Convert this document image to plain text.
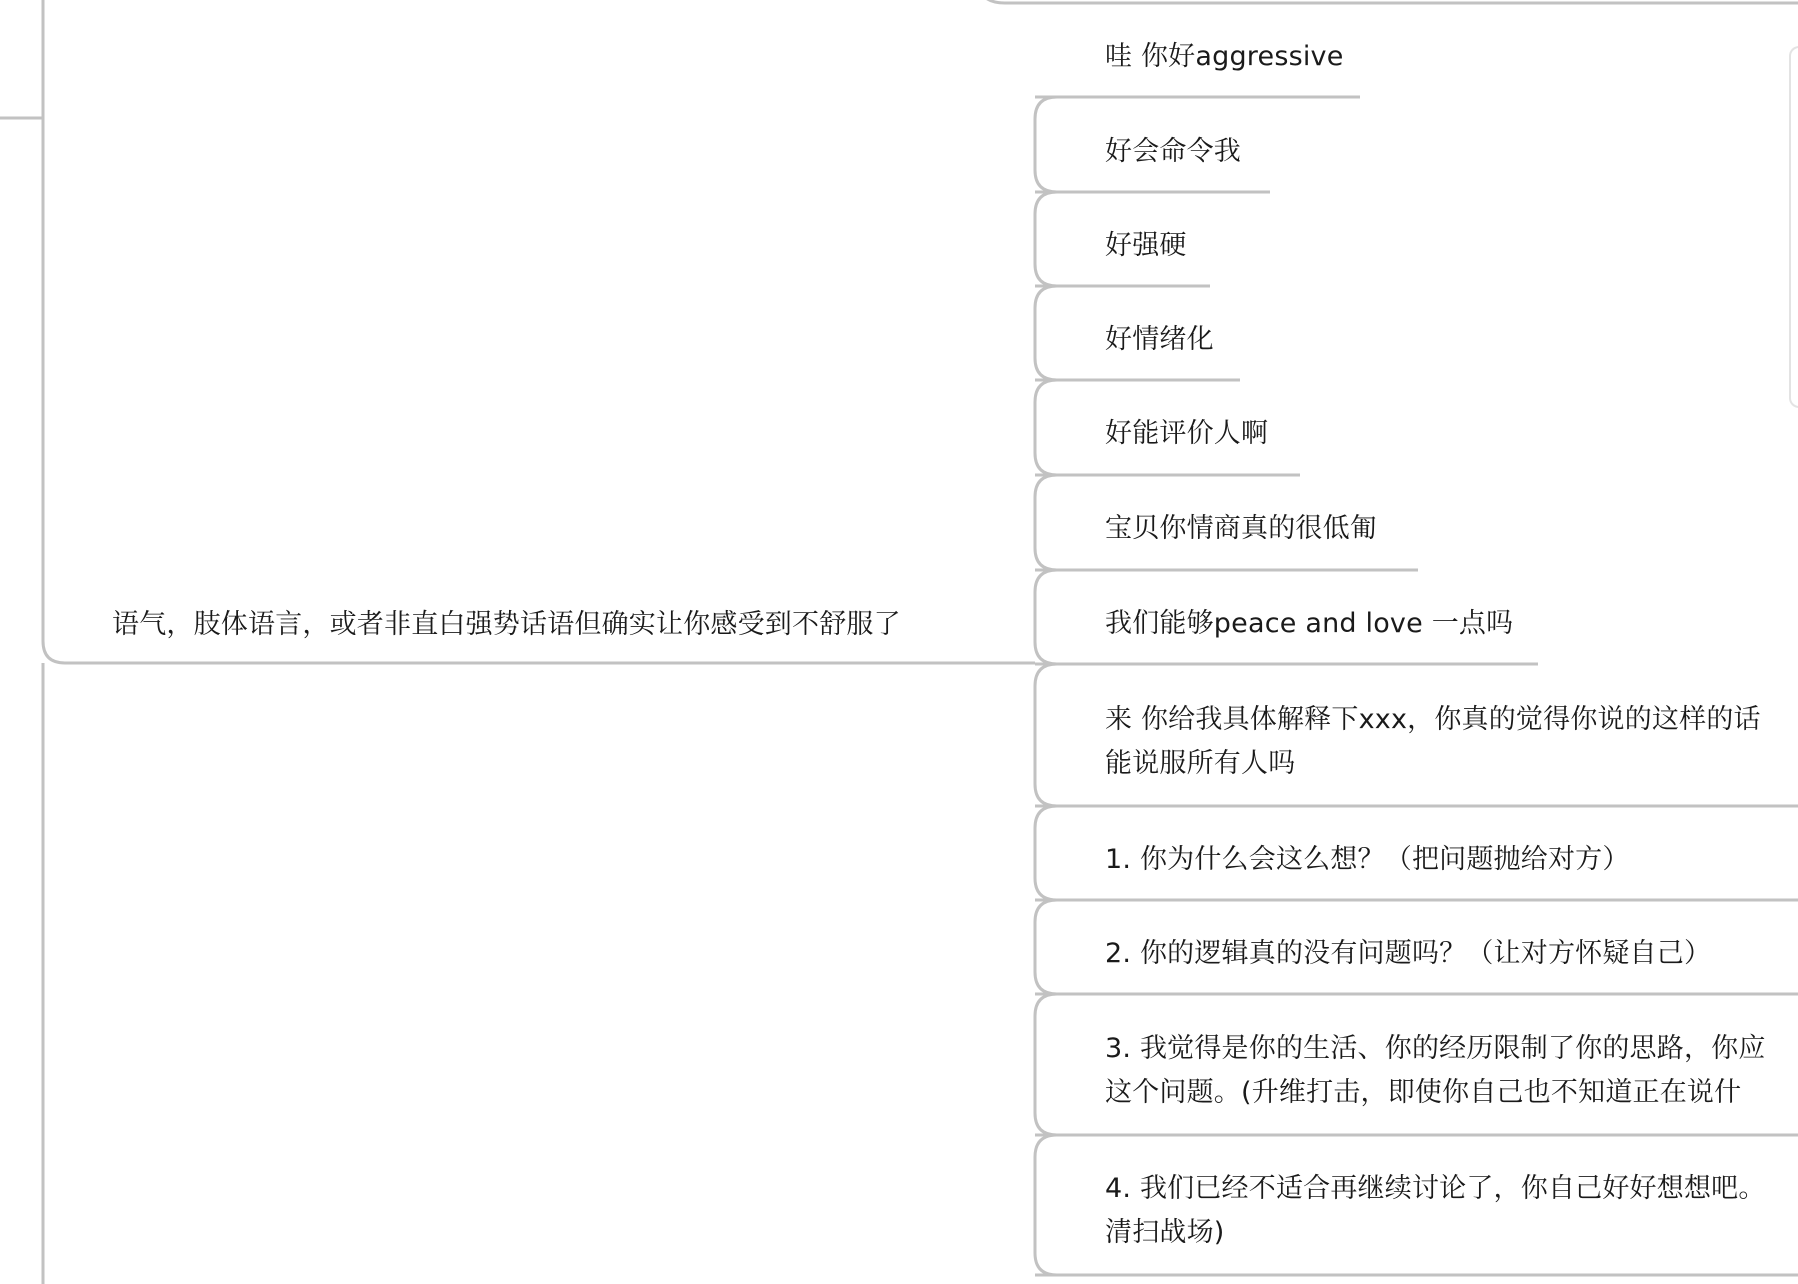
语气，肢体语言，或者非直白强势话语但确实让你感受到不舒服了

哇 你好aggressive

好会命令我

好强硬

好情绪化

好能评价人啊

宝贝你情商真的很低匍

我们能够peace and love 一点吗

来 你给我具体解释下xxx，你真的觉得你说的这样的话
能说服所有人吗

1. 你为什么会这么想？（把问题抛给对方）

2. 你的逻辑真的没有问题吗？（让对方怀疑自己）

3. 我觉得是你的生活、你的经历限制了你的思路，你应
这个问题。(升维打击，即使你自己也不知道正在说什

4. 我们已经不适合再继续讨论了，你自己好好想想吧。
清扫战场)
